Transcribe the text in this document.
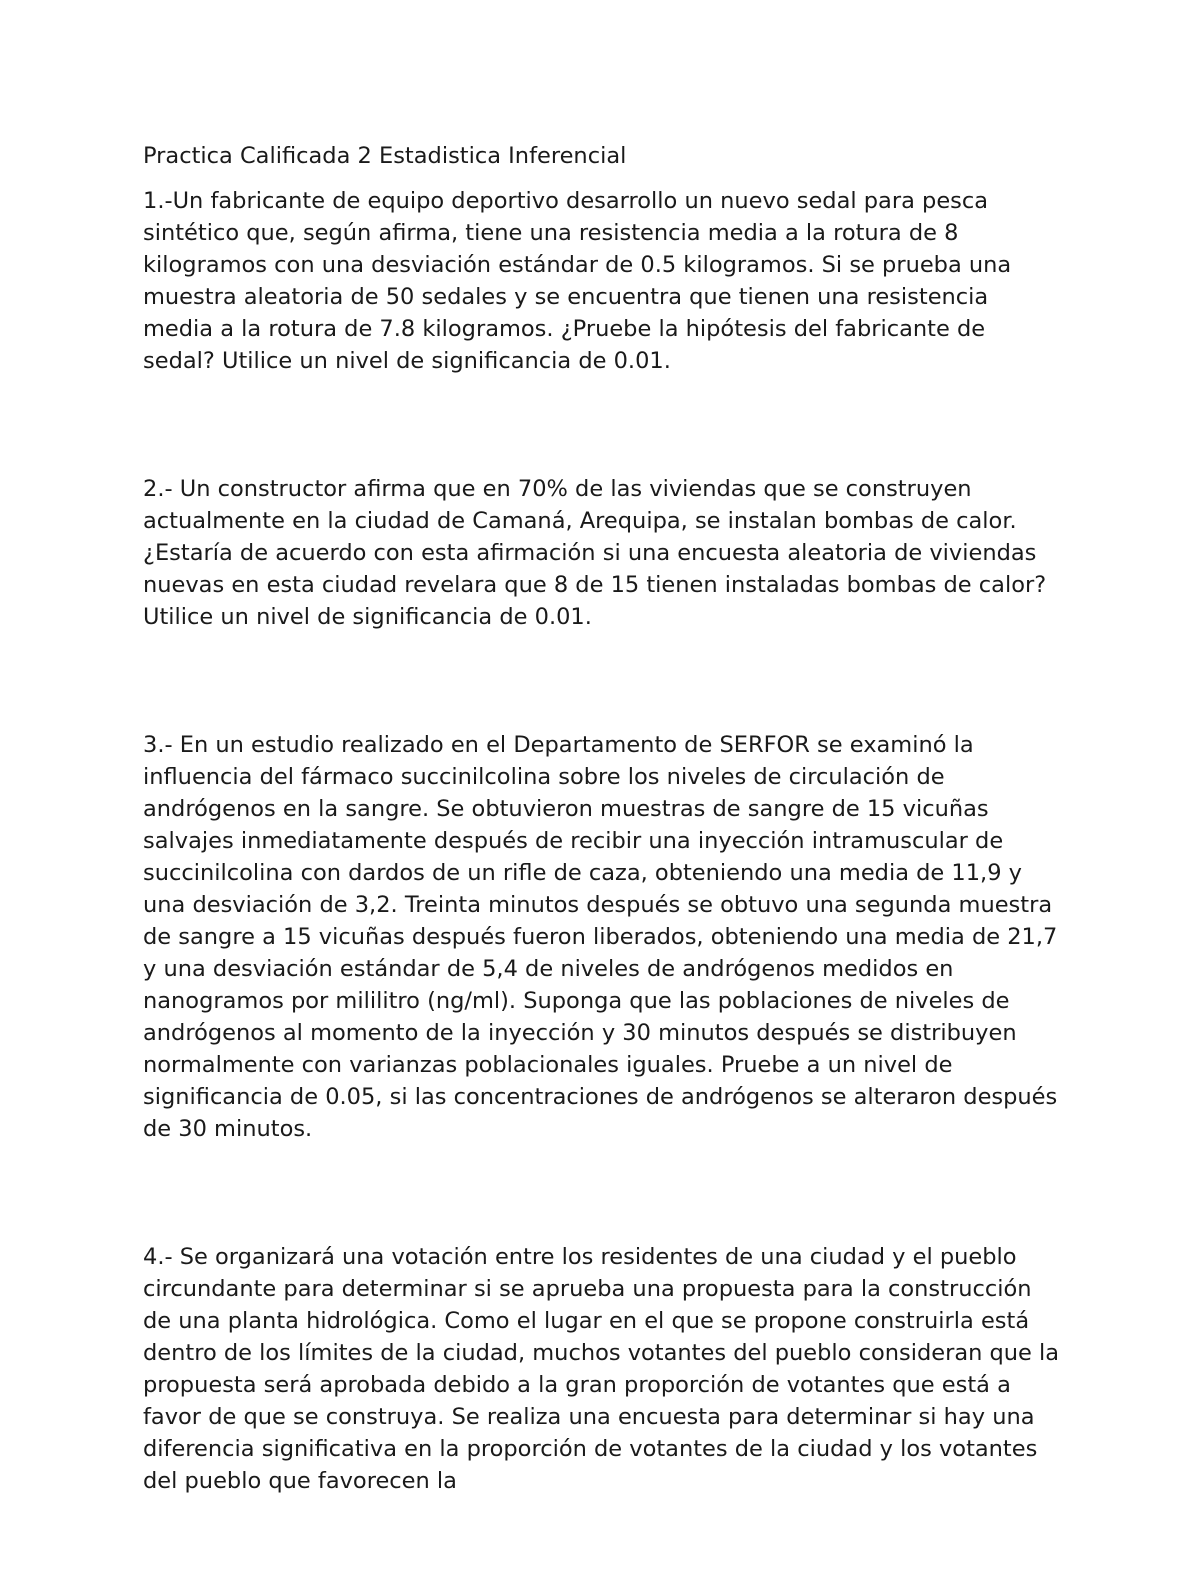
Practica Calificada 2 Estadistica Inferencial

1.-Un fabricante de equipo deportivo desarrollo un nuevo sedal para pesca sintético que, según afirma, tiene una resistencia media a la rotura de 8 kilogramos con una desviación estándar de 0.5 kilogramos. Si se prueba una muestra aleatoria de 50 sedales y se encuentra que tienen una resistencia media a la rotura de 7.8 kilogramos. ¿Pruebe la hipótesis del fabricante de sedal? Utilice un nivel de significancia de 0.01.

2.- Un constructor afirma que en 70% de las viviendas que se construyen actualmente en la ciudad de Camaná, Arequipa, se instalan bombas de calor. ¿Estaría de acuerdo con esta afirmación si una encuesta aleatoria de viviendas nuevas en esta ciudad revelara que 8 de 15 tienen instaladas bombas de calor? Utilice un nivel de significancia de 0.01.

3.- En un estudio realizado en el Departamento de SERFOR se examinó la influencia del fármaco succinilcolina sobre los niveles de circulación de andrógenos en la sangre. Se obtuvieron muestras de sangre de 15 vicuñas salvajes inmediatamente después de recibir una inyección intramuscular de succinilcolina con dardos de un rifle de caza, obteniendo una media de 11,9 y una desviación de 3,2. Treinta minutos después se obtuvo una segunda muestra de sangre a 15 vicuñas después fueron liberados, obteniendo una media de 21,7 y una desviación estándar de 5,4 de niveles de andrógenos medidos en nanogramos por mililitro (ng/ml). Suponga que las poblaciones de niveles de andrógenos al momento de la inyección y 30 minutos después se distribuyen normalmente con varianzas poblacionales iguales. Pruebe a un nivel de significancia de 0.05, si las concentraciones de andrógenos se alteraron después de 30 minutos.

4.- Se organizará una votación entre los residentes de una ciudad y el pueblo circundante para determinar si se aprueba una propuesta para la construcción de una planta hidrológica. Como el lugar en el que se propone construirla está dentro de los límites de la ciudad, muchos votantes del pueblo consideran que la propuesta será aprobada debido a la gran proporción de votantes que está a favor de que se construya. Se realiza una encuesta para determinar si hay una diferencia significativa en la proporción de votantes de la ciudad y los votantes del pueblo que favorecen la
